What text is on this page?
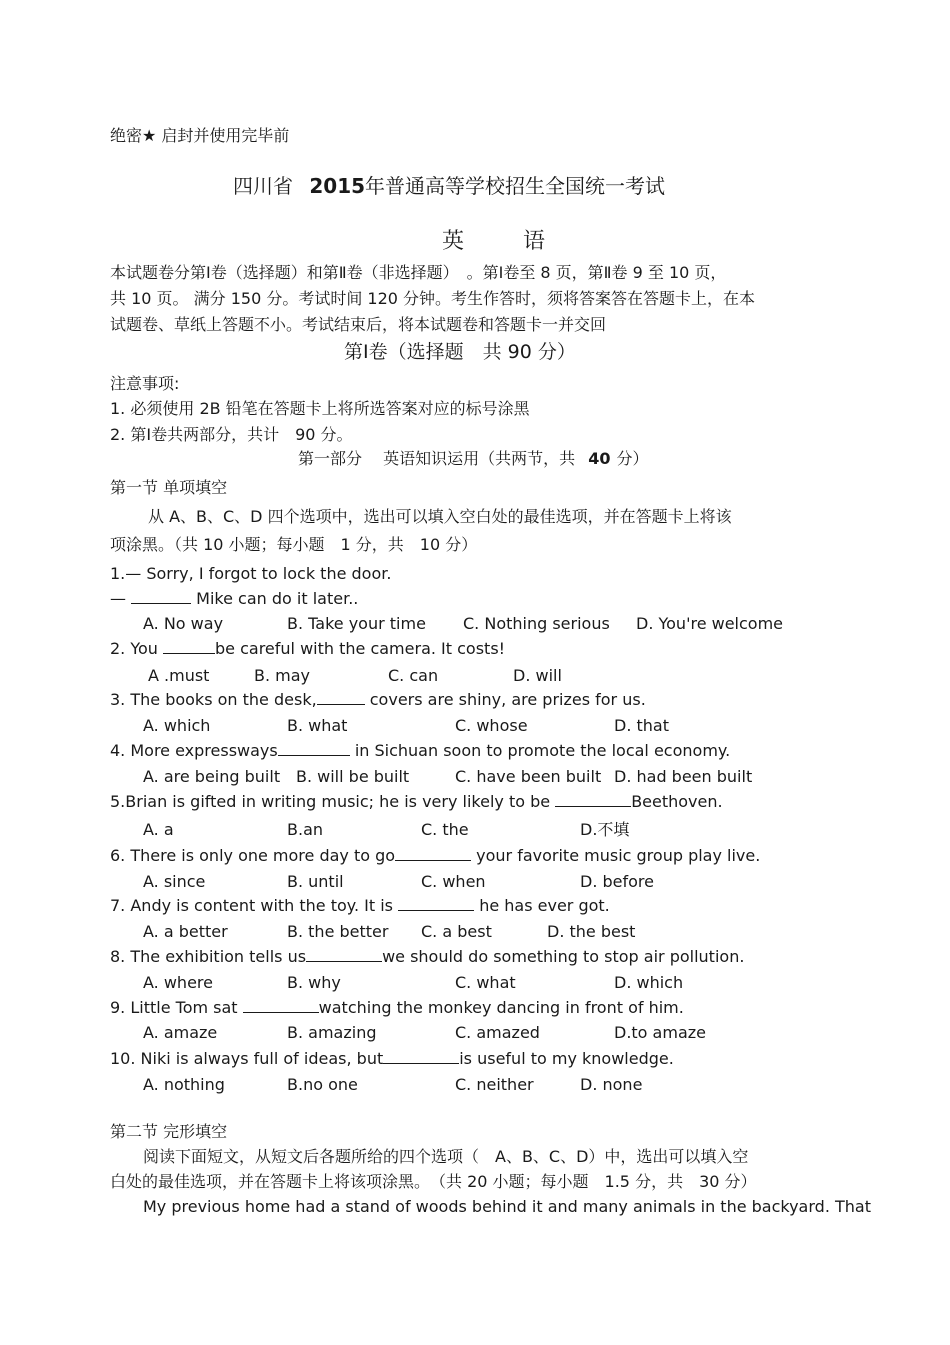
绝密★ 启封并使用完毕前
四川省 2015年普通高等学校招生全国统一考试
英 语
本试题卷分第Ⅰ卷（选择题）和第Ⅱ卷（非选择题）　。第Ⅰ卷至 8 页，第Ⅱ卷 9 至 10 页，
共 10 页。 满分 150 分。考试时间 120 分钟。考生作答时，须将答案答在答题卡上，在本
试题卷、草纸上答题不小。考试结束后，将本试题卷和答题卡一并交回
第Ⅰ卷（选择题　共 90 分）
注意事项:
1. 必须使用 2B 铅笔在答题卡上将所选答案对应的标号涂黑
2. 第Ⅰ卷共两部分，共计　90 分。
第一部分　 英语知识运用（共两节，共 40 分）
第一节 单项填空
从 A、B、C、D 四个选项中，选出可以填入空白处的最佳选项，并在答题卡上将该
项涂黑。（共 10 小题；每小题　1 分，共　10 分）
1.— Sorry, I forgot to lock the door.
—	Mike can do it later..
A. No way	B. Take your time C. Nothing serious D. You're welcome
2. You	be careful with the camera. It costs!
A .must	B. may	C. can	D. will
3. The books on the desk,	covers are shiny, are prizes for us.
A. which	B. what	C. whose	D. that
4. More expressways	in Sichuan soon to promote the local economy.
A. are being built B. will be built	C. have been built D. had been built
5.Brian is gifted in writing music; he is very likely to be	Beethoven.
A. a	B.an	C. the	D.不填
6. There is only one more day to go	your favorite music group play live.
A. since	B. until	C. when	D. before
7. Andy is content with the toy. It is	he has ever got.
A. a better	B. the better C. a best	D. the best
8. The exhibition tells us	we should do something to stop air pollution.
A. where	B. why	C. what	D. which
9. Little Tom sat	watching the monkey dancing in front of him.
A. amaze	B. amazing	C. amazed	D.to amaze
10. Niki is always full of ideas, but	is useful to my knowledge.
A. nothing	B.no one	C. neither	D. none
第二节 完形填空
阅读下面短文，从短文后各题所给的四个选项（　A、B、C、D）中，选出可以填入空
白处的最佳选项，并在答题卡上将该项涂黑。　（共 20 小题；每小题　1.5 分，共　30 分）
My previous home had a stand of woods behind it and many animals in the backyard. That
